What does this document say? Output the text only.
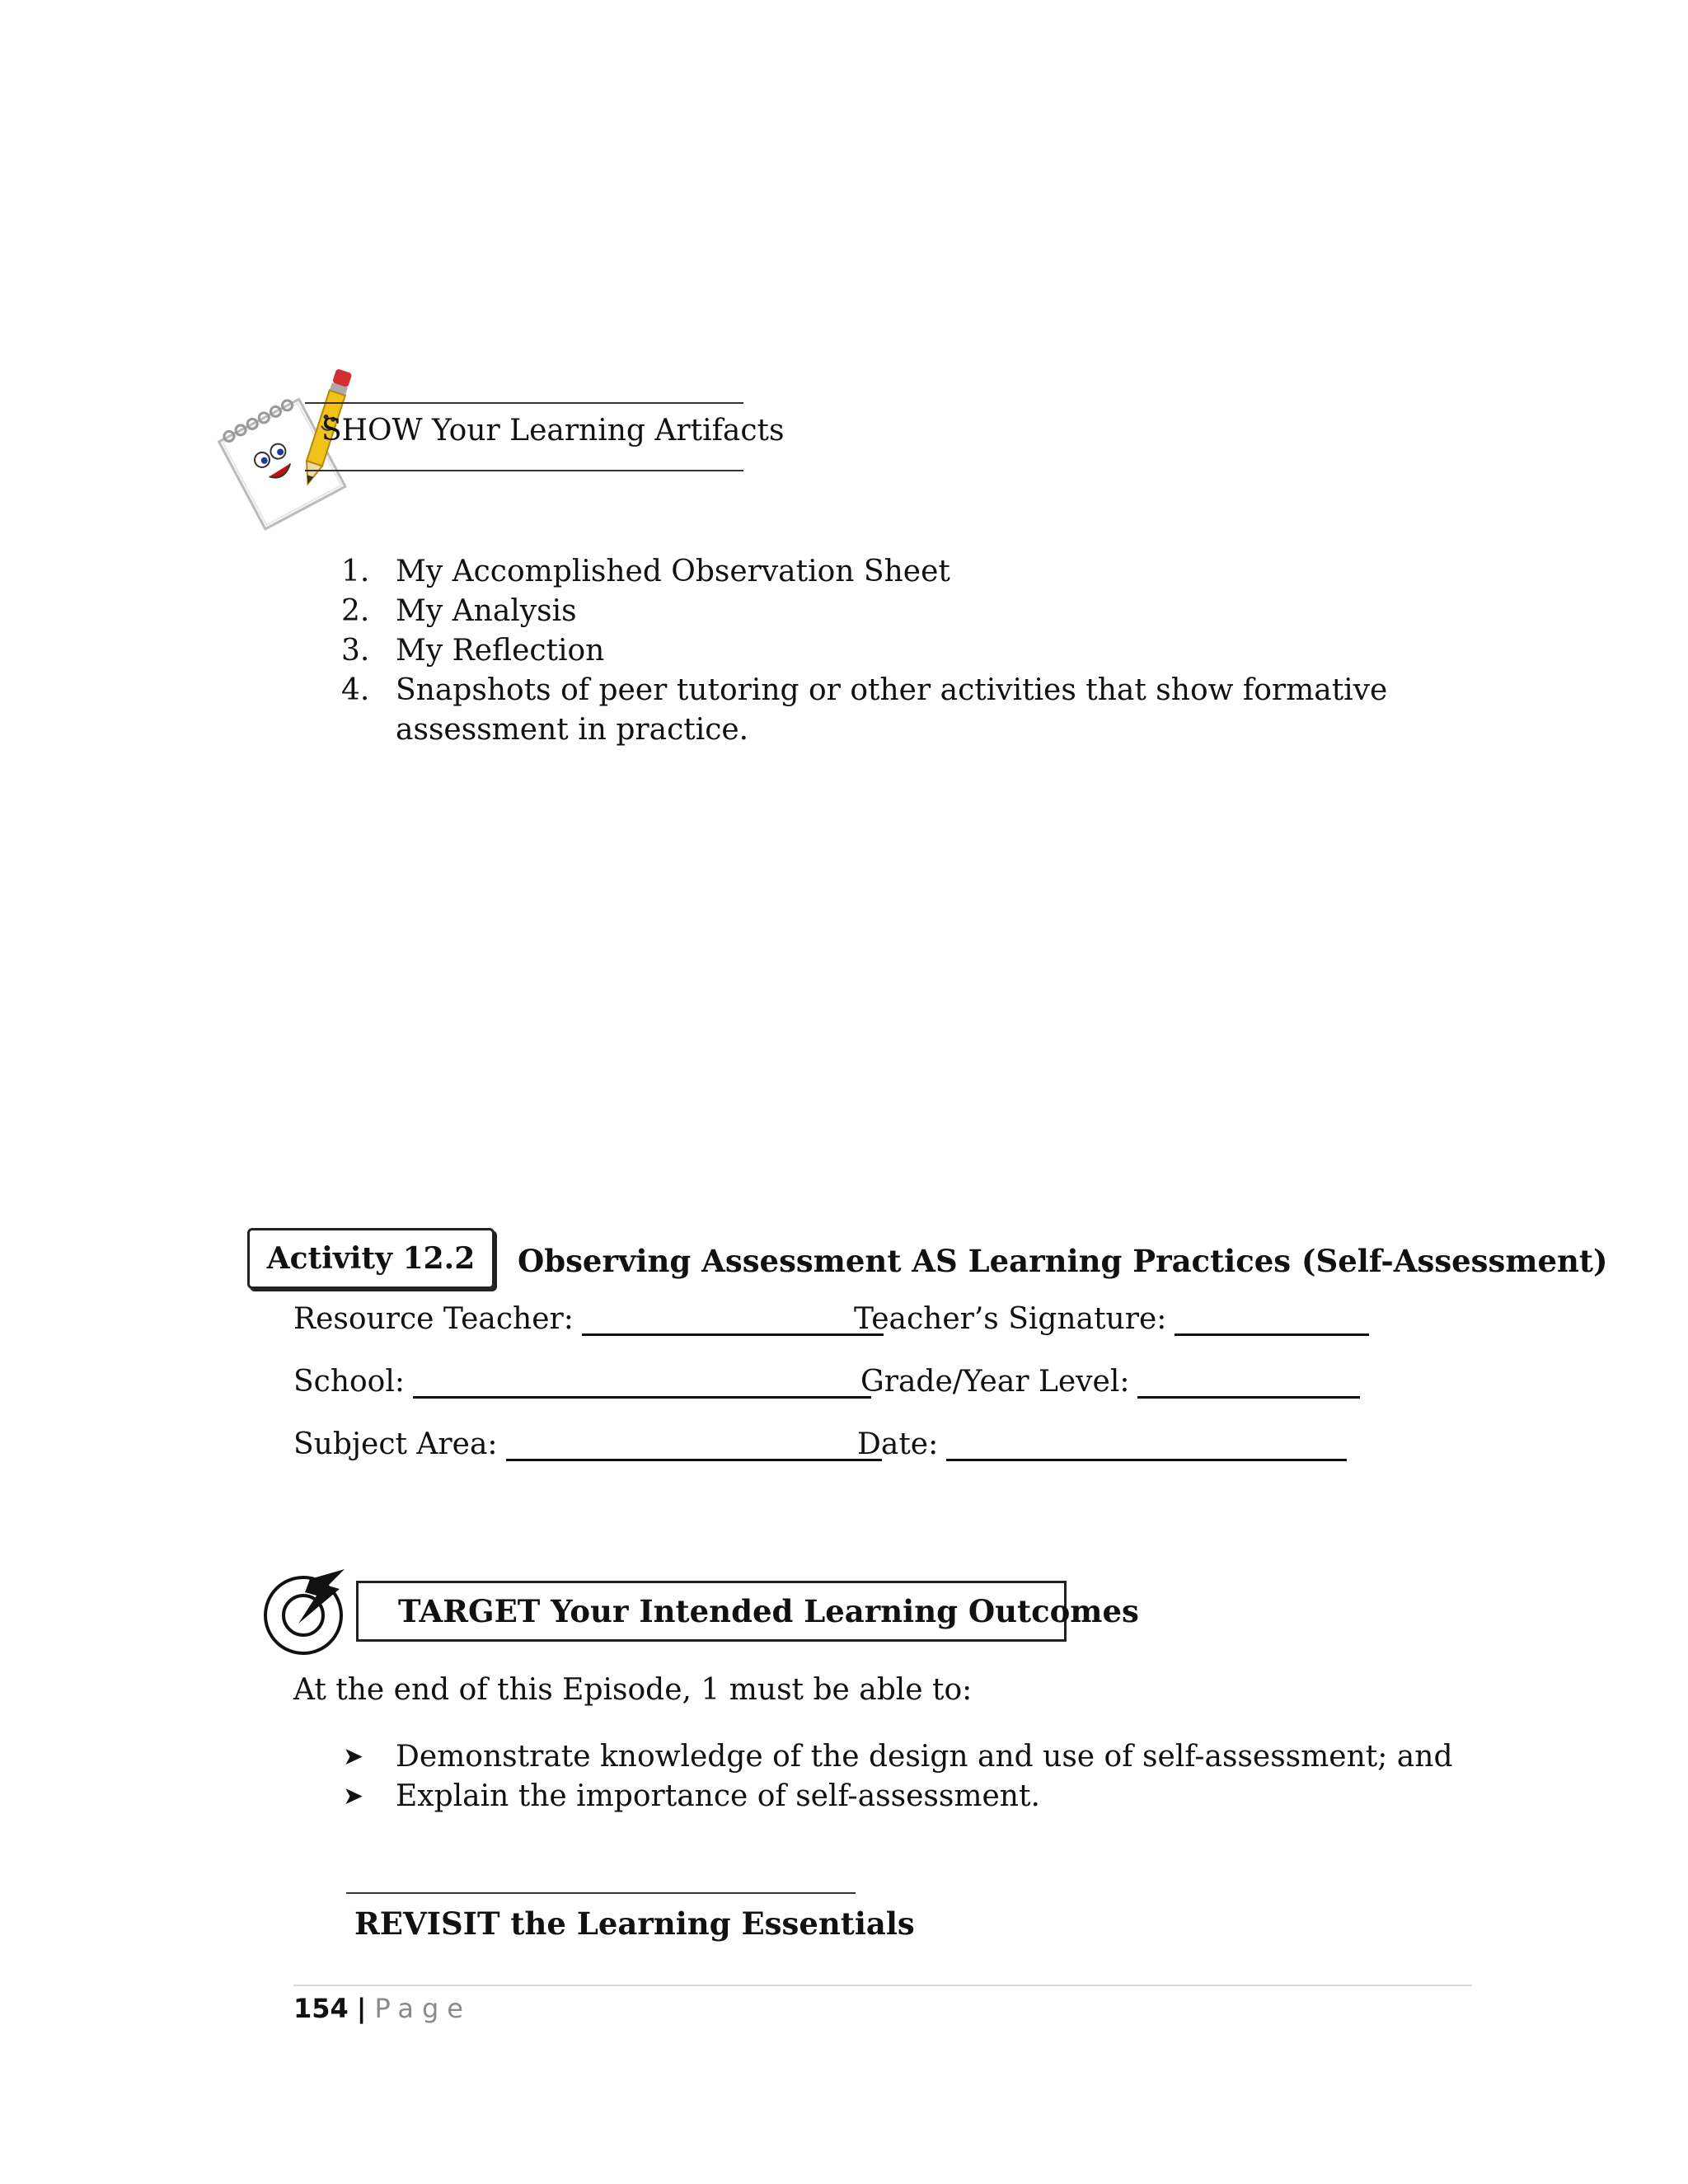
SHOW Your Learning Artifacts
1. My Accomplished Observation Sheet
2. My Analysis
3. My Reflection
4. Snapshots of peer tutoring or other activities that show formative assessment in practice.
Activity 12.2	Observing Assessment AS Learning Practices (Self-Assessment)
Resource Teacher:	Teacher’s Signature:
School:	Grade/Year Level:
Subject Area:	Date:
TARGET Your Intended Learning Outcomes
At the end of this Episode, 1 must be able to:
➤ Demonstrate knowledge of the design and use of self-assessment; and
➤ Explain the importance of self-assessment.
REVISIT the Learning Essentials
154 | Page
